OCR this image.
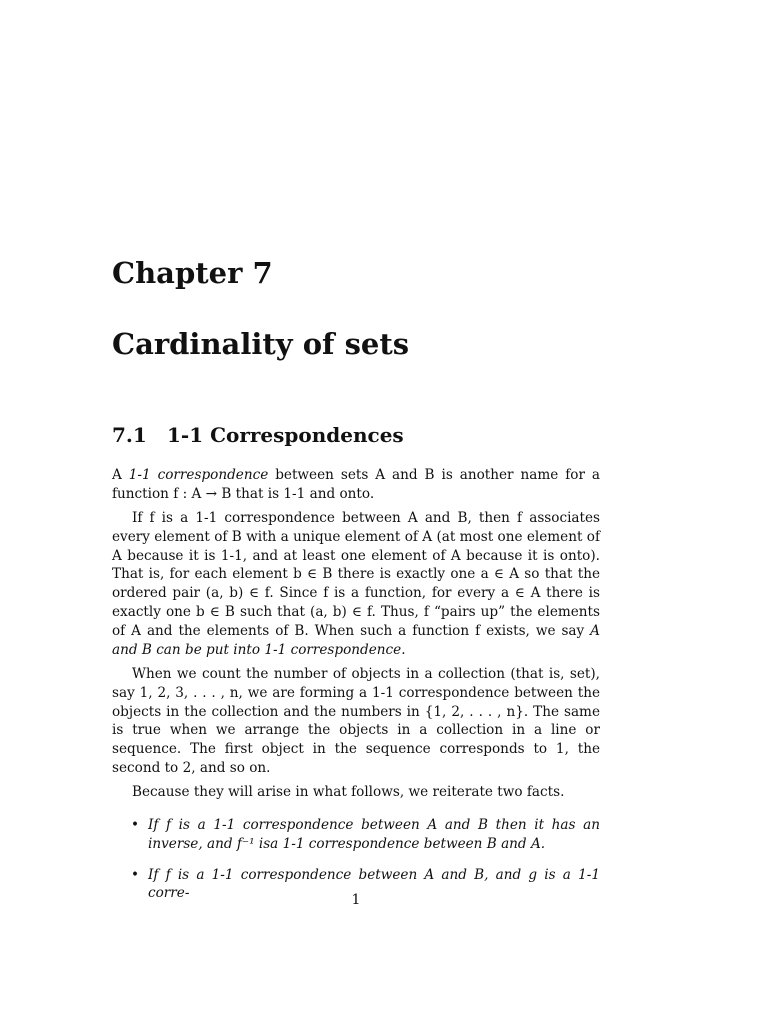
Chapter 7
Cardinality of sets
7.1 1-1 Correspondences

A 1-1 correspondence between sets A and B is another name for a function f : A → B that is 1-1 and onto.

If f is a 1-1 correspondence between A and B, then f associates every element of B with a unique element of A (at most one element of A because it is 1-1, and at least one element of A because it is onto). That is, for each element b ∈ B there is exactly one a ∈ A so that the ordered pair (a, b) ∈ f. Since f is a function, for every a ∈ A there is exactly one b ∈ B such that (a, b) ∈ f. Thus, f “pairs up” the elements of A and the elements of B. When such a function f exists, we say A and B can be put into 1-1 correspondence.

When we count the number of objects in a collection (that is, set), say 1, 2, 3, . . . , n, we are forming a 1-1 correspondence between the objects in the collection and the numbers in {1, 2, . . . , n}. The same is true when we arrange the objects in a collection in a line or sequence. The first object in the sequence corresponds to 1, the second to 2, and so on.

Because they will arise in what follows, we reiterate two facts.

• If f is a 1-1 correspondence between A and B then it has an inverse, and f⁻¹ isa 1-1 correspondence between B and A.
• If f is a 1-1 correspondence between A and B, and g is a 1-1 corre-	1
